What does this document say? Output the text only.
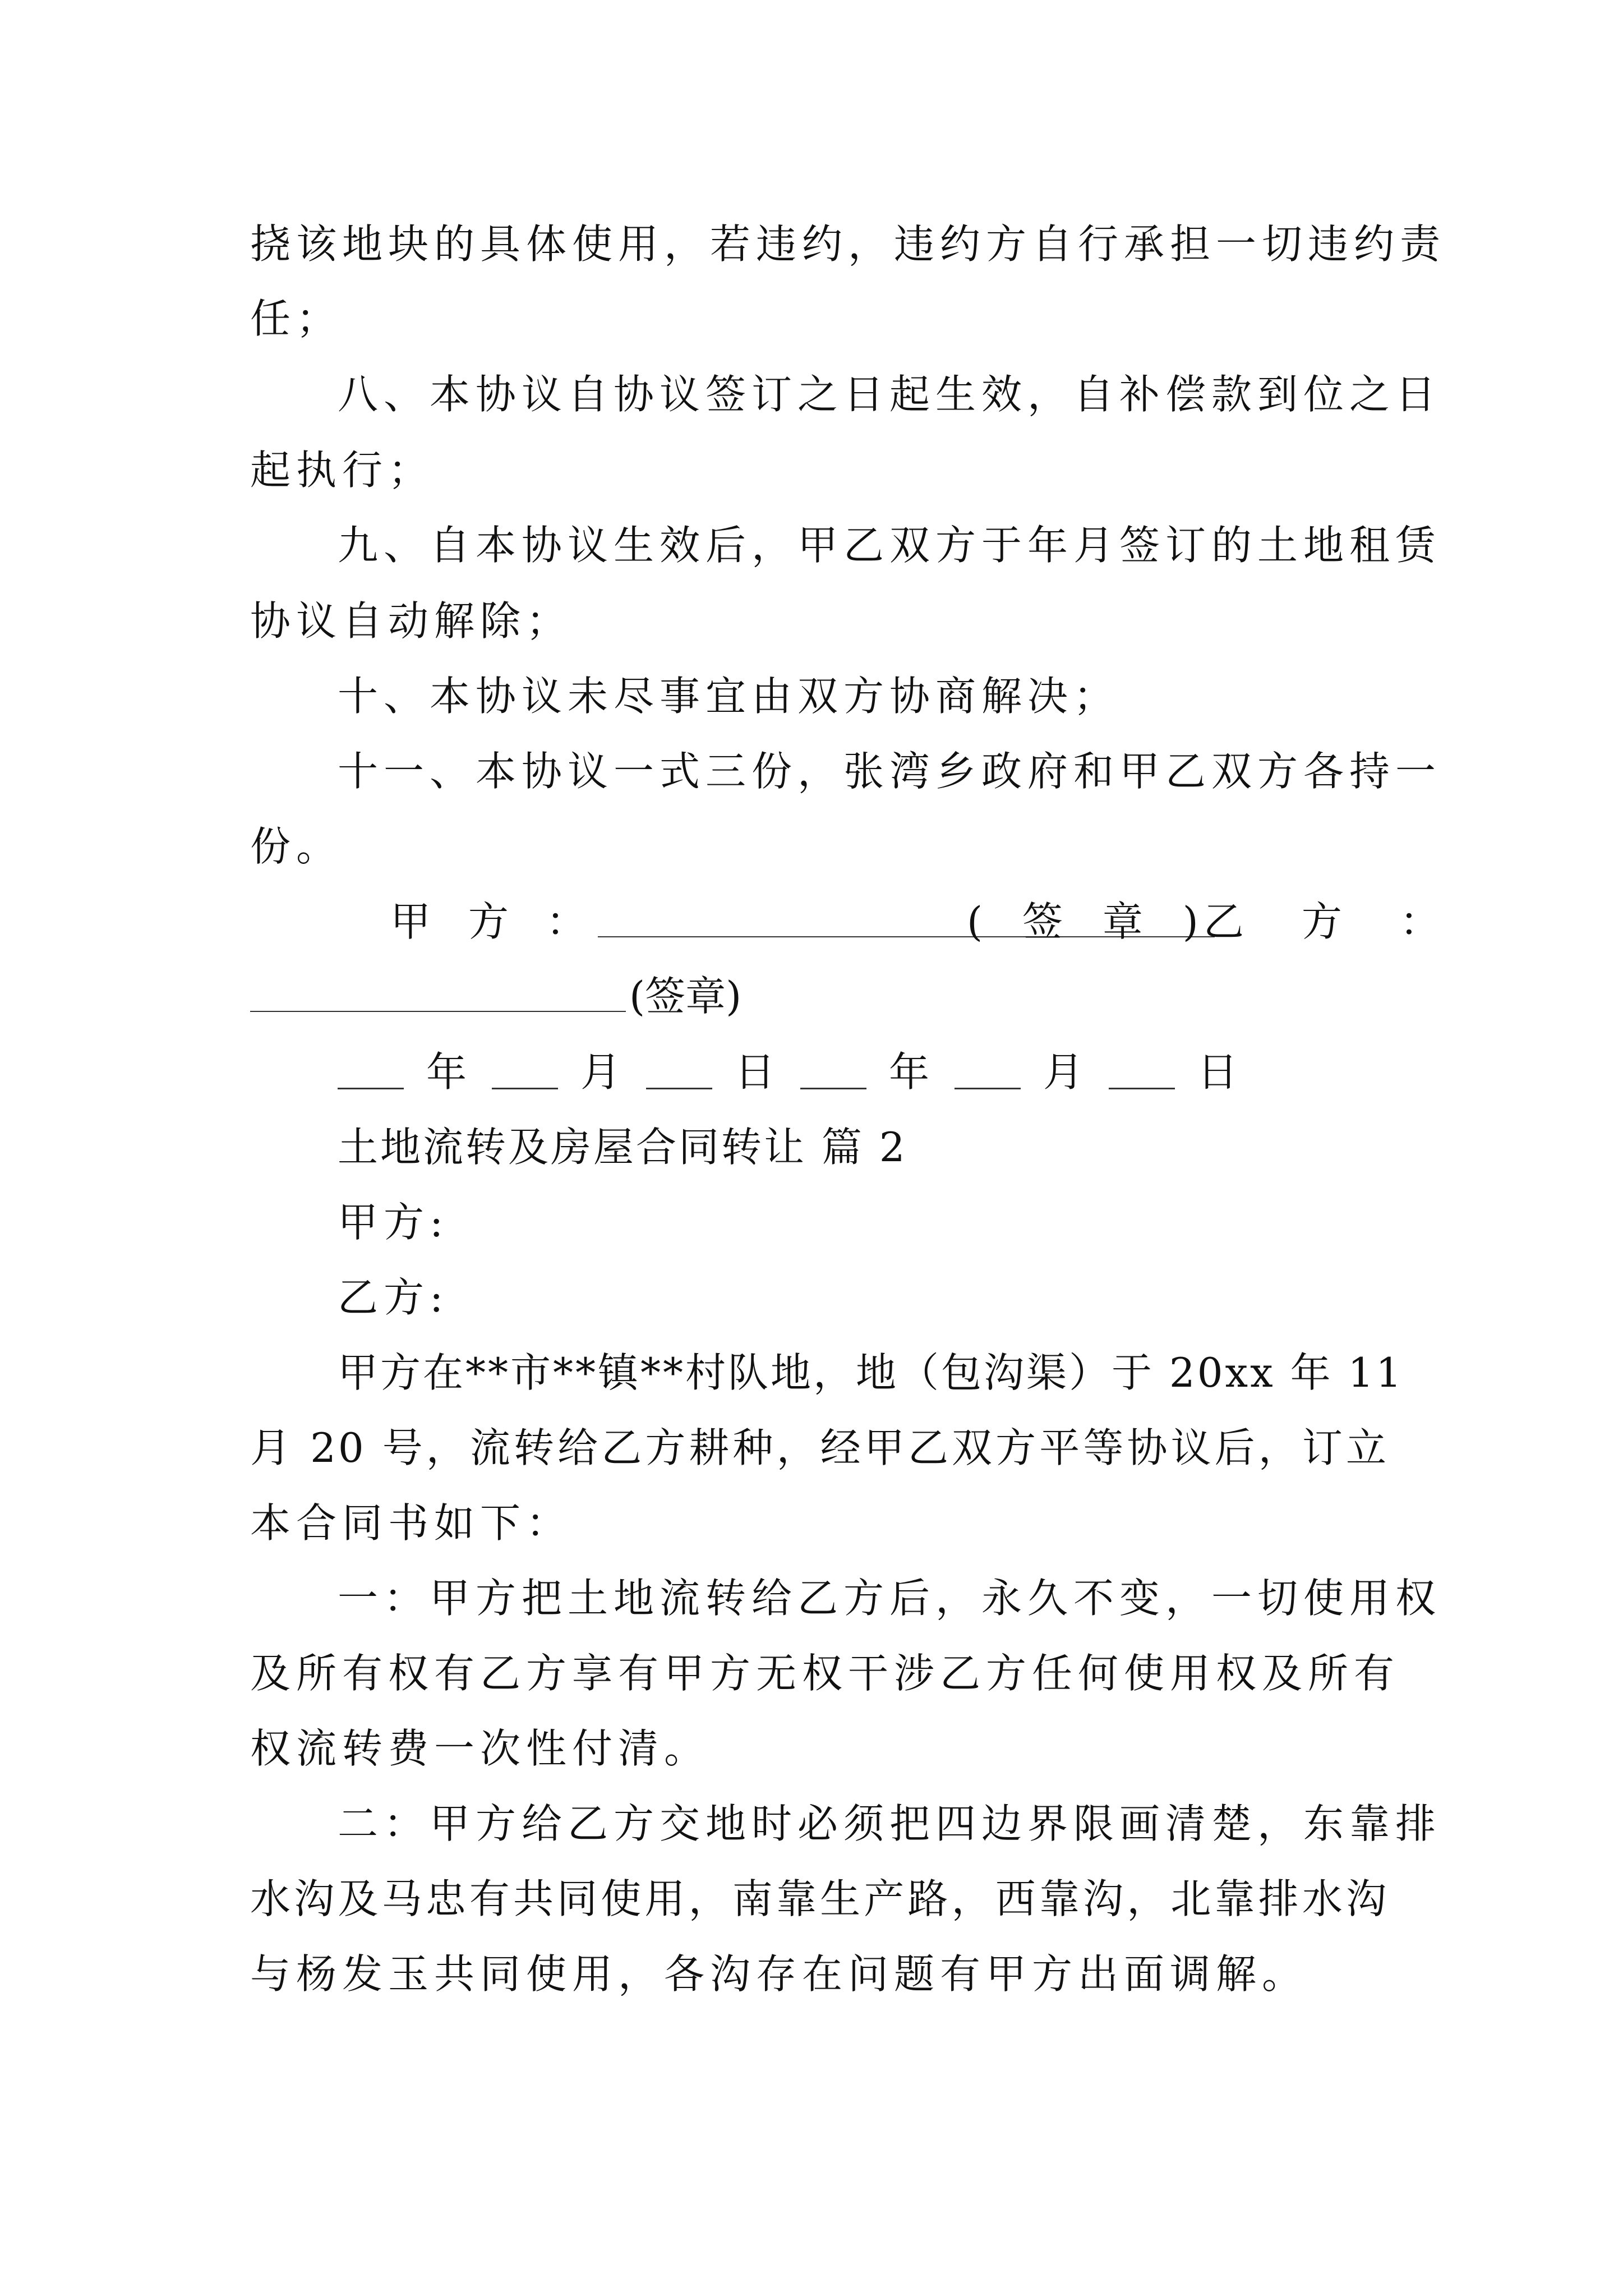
挠该地块的具体使用，若违约，违约方自行承担一切违约责
任；
八、本协议自协议签订之日起生效，自补偿款到位之日
起执行；
九、自本协议生效后，甲乙双方于年月签订的土地租赁
协议自动解除；
十、本协议未尽事宜由双方协商解决；
十一、本协议一式三份，张湾乡政府和甲乙双方各持一
份。
甲 方 ：	( 签 章 )
乙 方 ：
(签章)
年	月	日	年	月	日
土地流转及房屋合同转让 篇 2
甲方:
乙方:
甲方在**市**镇**村队地，地（包沟渠）于 20xx 年 11
月 20 号，流转给乙方耕种，经甲乙双方平等协议后，订立
本合同书如下：
一：甲方把土地流转给乙方后，永久不变，一切使用权
及所有权有乙方享有甲方无权干涉乙方任何使用权及所有
权流转费一次性付清。
二：甲方给乙方交地时必须把四边界限画清楚，东靠排
水沟及马忠有共同使用，南靠生产路，西靠沟，北靠排水沟
与杨发玉共同使用，各沟存在问题有甲方出面调解。
